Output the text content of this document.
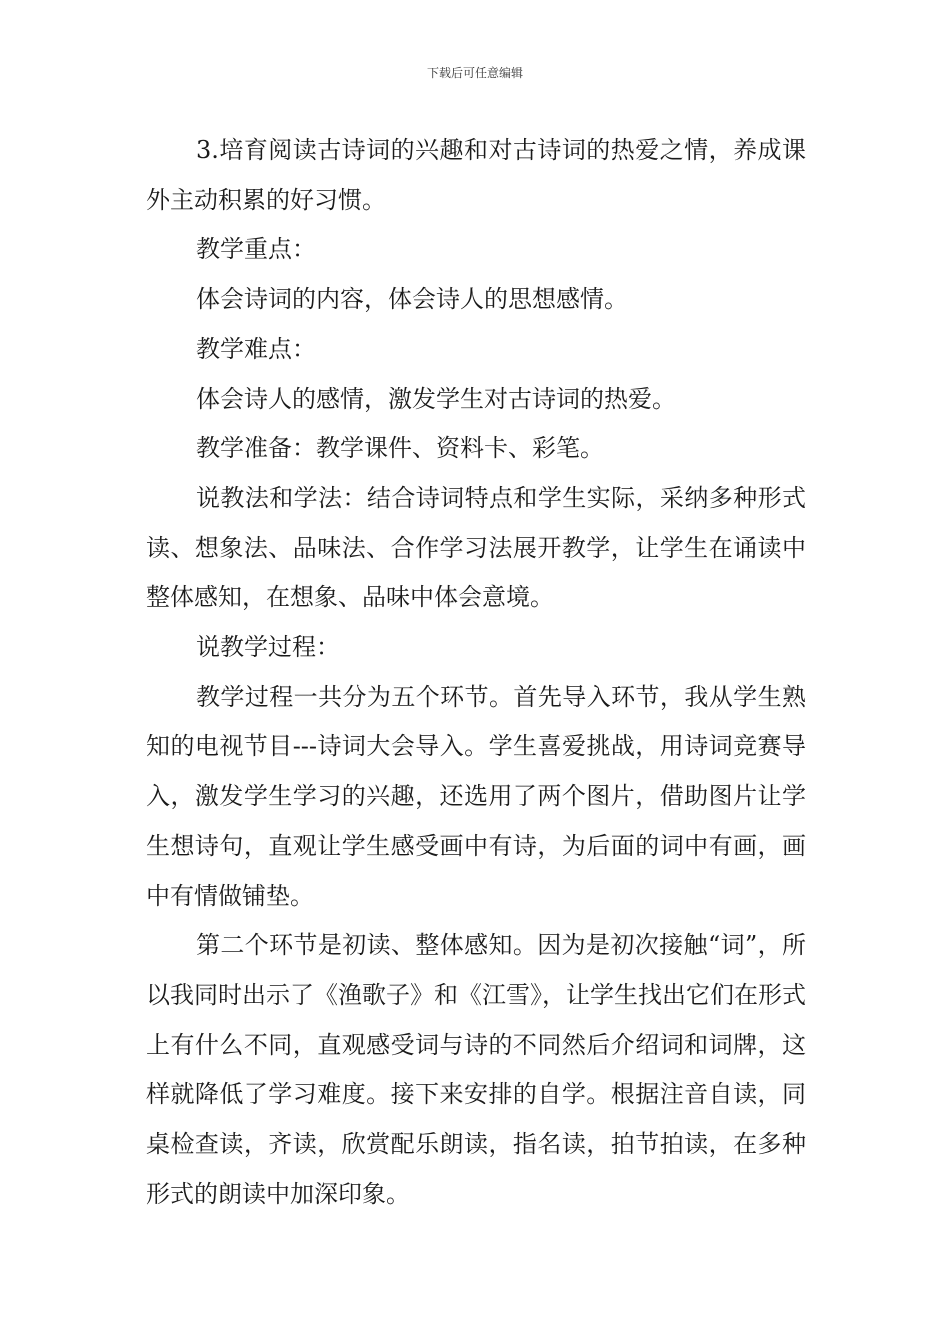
下载后可任意编辑

3.培育阅读古诗词的兴趣和对古诗词的热爱之情，养成课外主动积累的好习惯。

教学重点：

体会诗词的内容，体会诗人的思想感情。

教学难点：

体会诗人的感情，激发学生对古诗词的热爱。

教学准备：教学课件、资料卡、彩笔。

说教法和学法：结合诗词特点和学生实际，采纳多种形式读、想象法、品味法、合作学习法展开教学，让学生在诵读中整体感知，在想象、品味中体会意境。

说教学过程：

教学过程一共分为五个环节。首先导入环节，我从学生熟知的电视节目---诗词大会导入。学生喜爱挑战，用诗词竞赛导入，激发学生学习的兴趣，还选用了两个图片，借助图片让学生想诗句，直观让学生感受画中有诗，为后面的词中有画，画中有情做铺垫。

第二个环节是初读、整体感知。因为是初次接触“词”，所以我同时出示了《渔歌子》和《江雪》，让学生找出它们在形式上有什么不同，直观感受词与诗的不同然后介绍词和词牌，这样就降低了学习难度。接下来安排的自学。根据注音自读，同桌检查读，齐读，欣赏配乐朗读，指名读，拍节拍读，在多种形式的朗读中加深印象。
